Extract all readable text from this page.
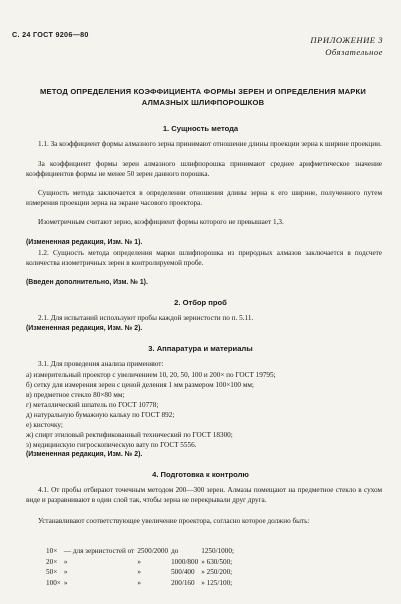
С. 24 ГОСТ 9206—80
ПРИЛОЖЕНИЕ 3
Обязательное
МЕТОД ОПРЕДЕЛЕНИЯ КОЭФФИЦИЕНТА ФОРМЫ ЗЕРЕН И ОПРЕДЕЛЕНИЯ МАРКИ АЛМАЗНЫХ ШЛИФПОРОШКОВ
1. Сущность метода

1.1. За коэффициент формы алмазного зерна принимают отношение длины проекции зерна к ширине проекции.

За коэффициент формы зерен алмазного шлифпорошка принимают среднее арифметическое значение коэффициентов формы не менее 50 зерен данного порошка.

Сущность метода заключается в определении отношения длины зерна к его ширине, полученного путем измерения проекции зерна на экране часового проектора.

Изометричным считают зерно, коэффициент формы которого не превышает 1,3.

(Измененная редакция, Изм. № 1).

1.2. Сущность метода определения марки шлифпорошка из природных алмазов заключается в подсчете количества изометричных зерен в контролируемой пробе.

(Введен дополнительно, Изм. № 1).

2. Отбор проб

2.1. Для испытаний используют пробы каждой зернистости по п. 5.11.

(Измененная редакция, Изм. № 2).

3. Аппаратура и материалы

3.1. Для проведения анализа применяют:

а) измерительный проектор с увеличением 10, 20, 50, 100 и 200× по ГОСТ 19795;

б) сетку для измерения зерен с ценой деления 1 мм размером 100×100 мм;

в) предметное стекло 80×80 мм;

г) металлический шпатель по ГОСТ 10778;

д) натуральную бумажную кальку по ГОСТ 892;

е) кисточку;

ж) спирт этиловый ректификованный технический по ГОСТ 18300;

з) медицинскую гигроскопическую вату по ГОСТ 5556.

(Измененная редакция, Изм. № 2).

4. Подготовка к контролю

4.1. От пробы отбирают точечным методом 200—300 зерен. Алмазы помещают на предметное стекло в сухом виде и разравнивают в один слой так, чтобы зерна не перекрывали друг друга.

Устанавливают соответствующее увеличение проектора, согласно которое должно быть:

10×	— для зернистостей от	2500/2000	до	1250/1000;
20×	»	»	1000/800	» 630/500;
50×	»	»	500/400	» 250/200;
100×	»	»	200/160	» 125/100;
